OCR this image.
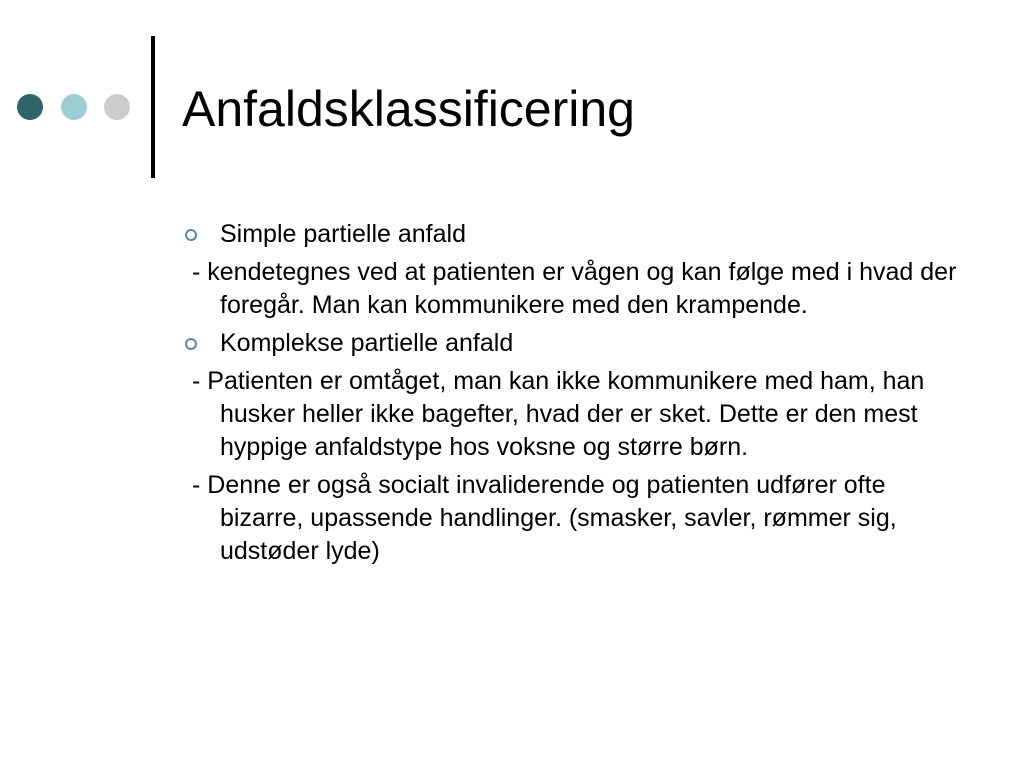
Anfaldsklassificering
Simple partielle anfald
- kendetegnes ved at patienten er vågen og kan følge med i hvad der foregår. Man kan kommunikere med den krampende.
Komplekse partielle anfald
- Patienten er omtåget, man kan ikke kommunikere med ham, han husker heller ikke bagefter, hvad der er sket. Dette er den mest hyppige anfaldstype hos voksne og større børn.
- Denne er også socialt invaliderende og patienten udfører ofte bizarre, upassende handlinger. (smasker, savler, rømmer sig, udstøder lyde)
